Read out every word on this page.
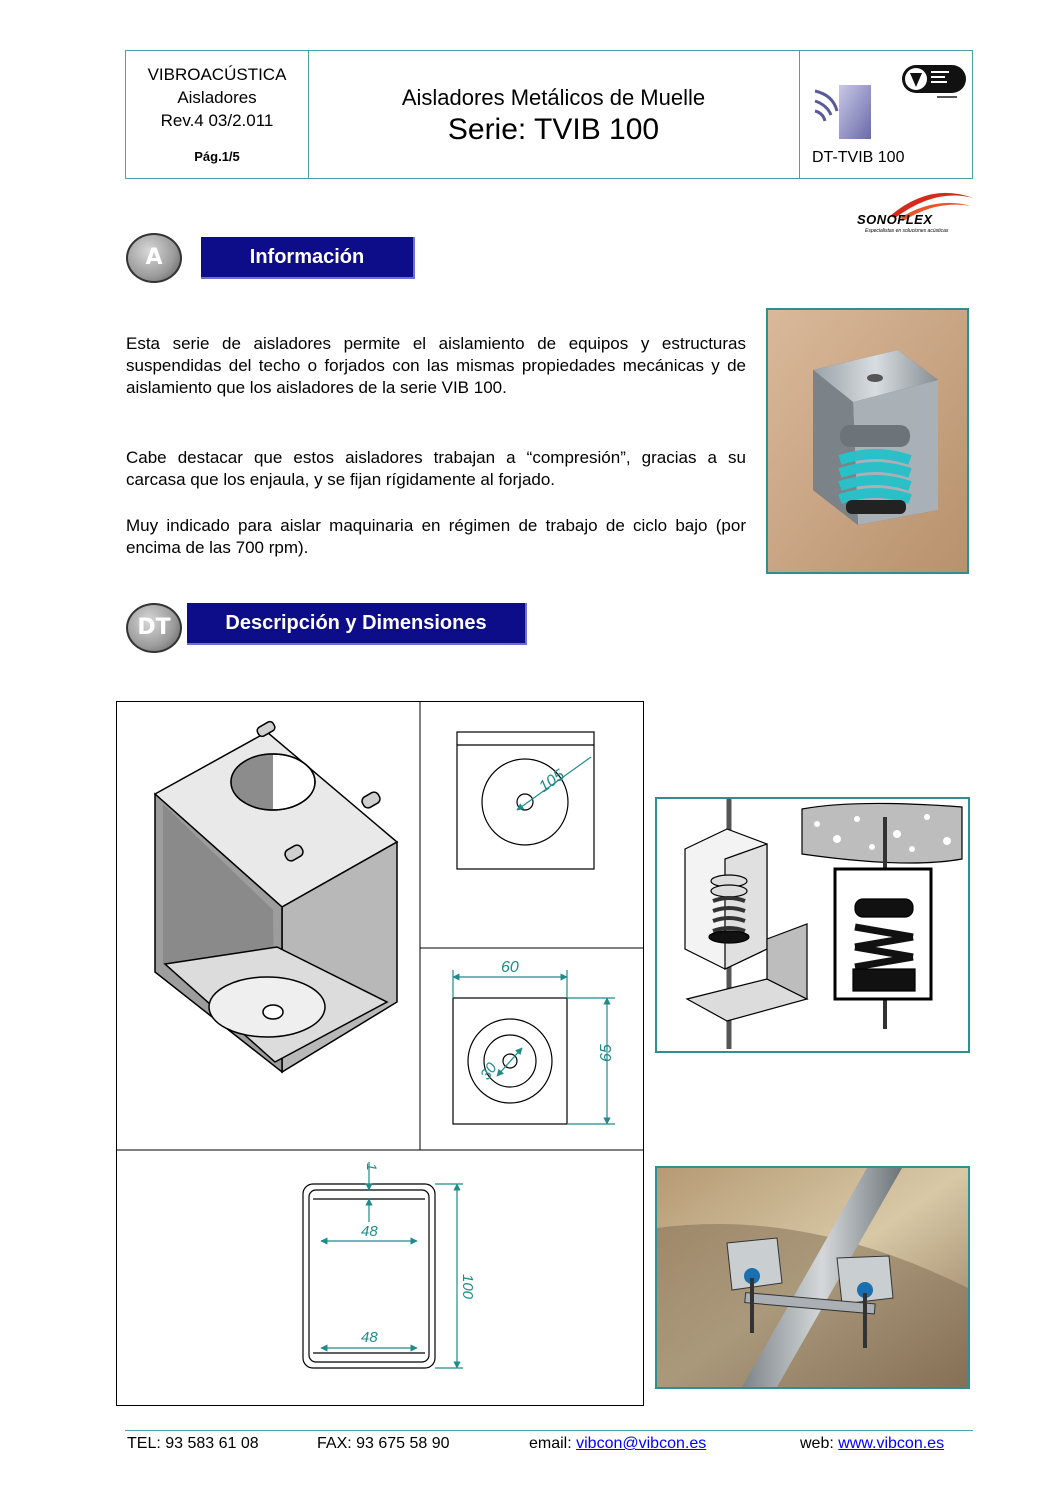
VIBROACÚSTICA
Aisladores
Rev.4 03/2.011
Pág.1/5
Aisladores Metálicos de Muelle
Serie: TVIB 100
DT-TVIB 100
SONOFLEX
Especialistas en soluciones acústicas
A	Información
Esta serie de aisladores permite el aislamiento de equipos y estructuras suspendidas del techo o forjados con las mismas propiedades mecánicas y de aislamiento que los aisladores de la serie VIB 100.
Cabe destacar que estos aisladores trabajan a “compresión”, gracias a su carcasa que los enjaula, y se fijan rígidamente al forjado.
Muy indicado para aislar maquinaria en régimen de trabajo de ciclo bajo (por encima de las 700 rpm).
DT	Descripción y Dimensiones
105
60
65
30
48
48
100
1
TEL: 93 583 61 08	FAX: 93 675 58 90	email: vibcon@vibcon.es	web: www.vibcon.es
